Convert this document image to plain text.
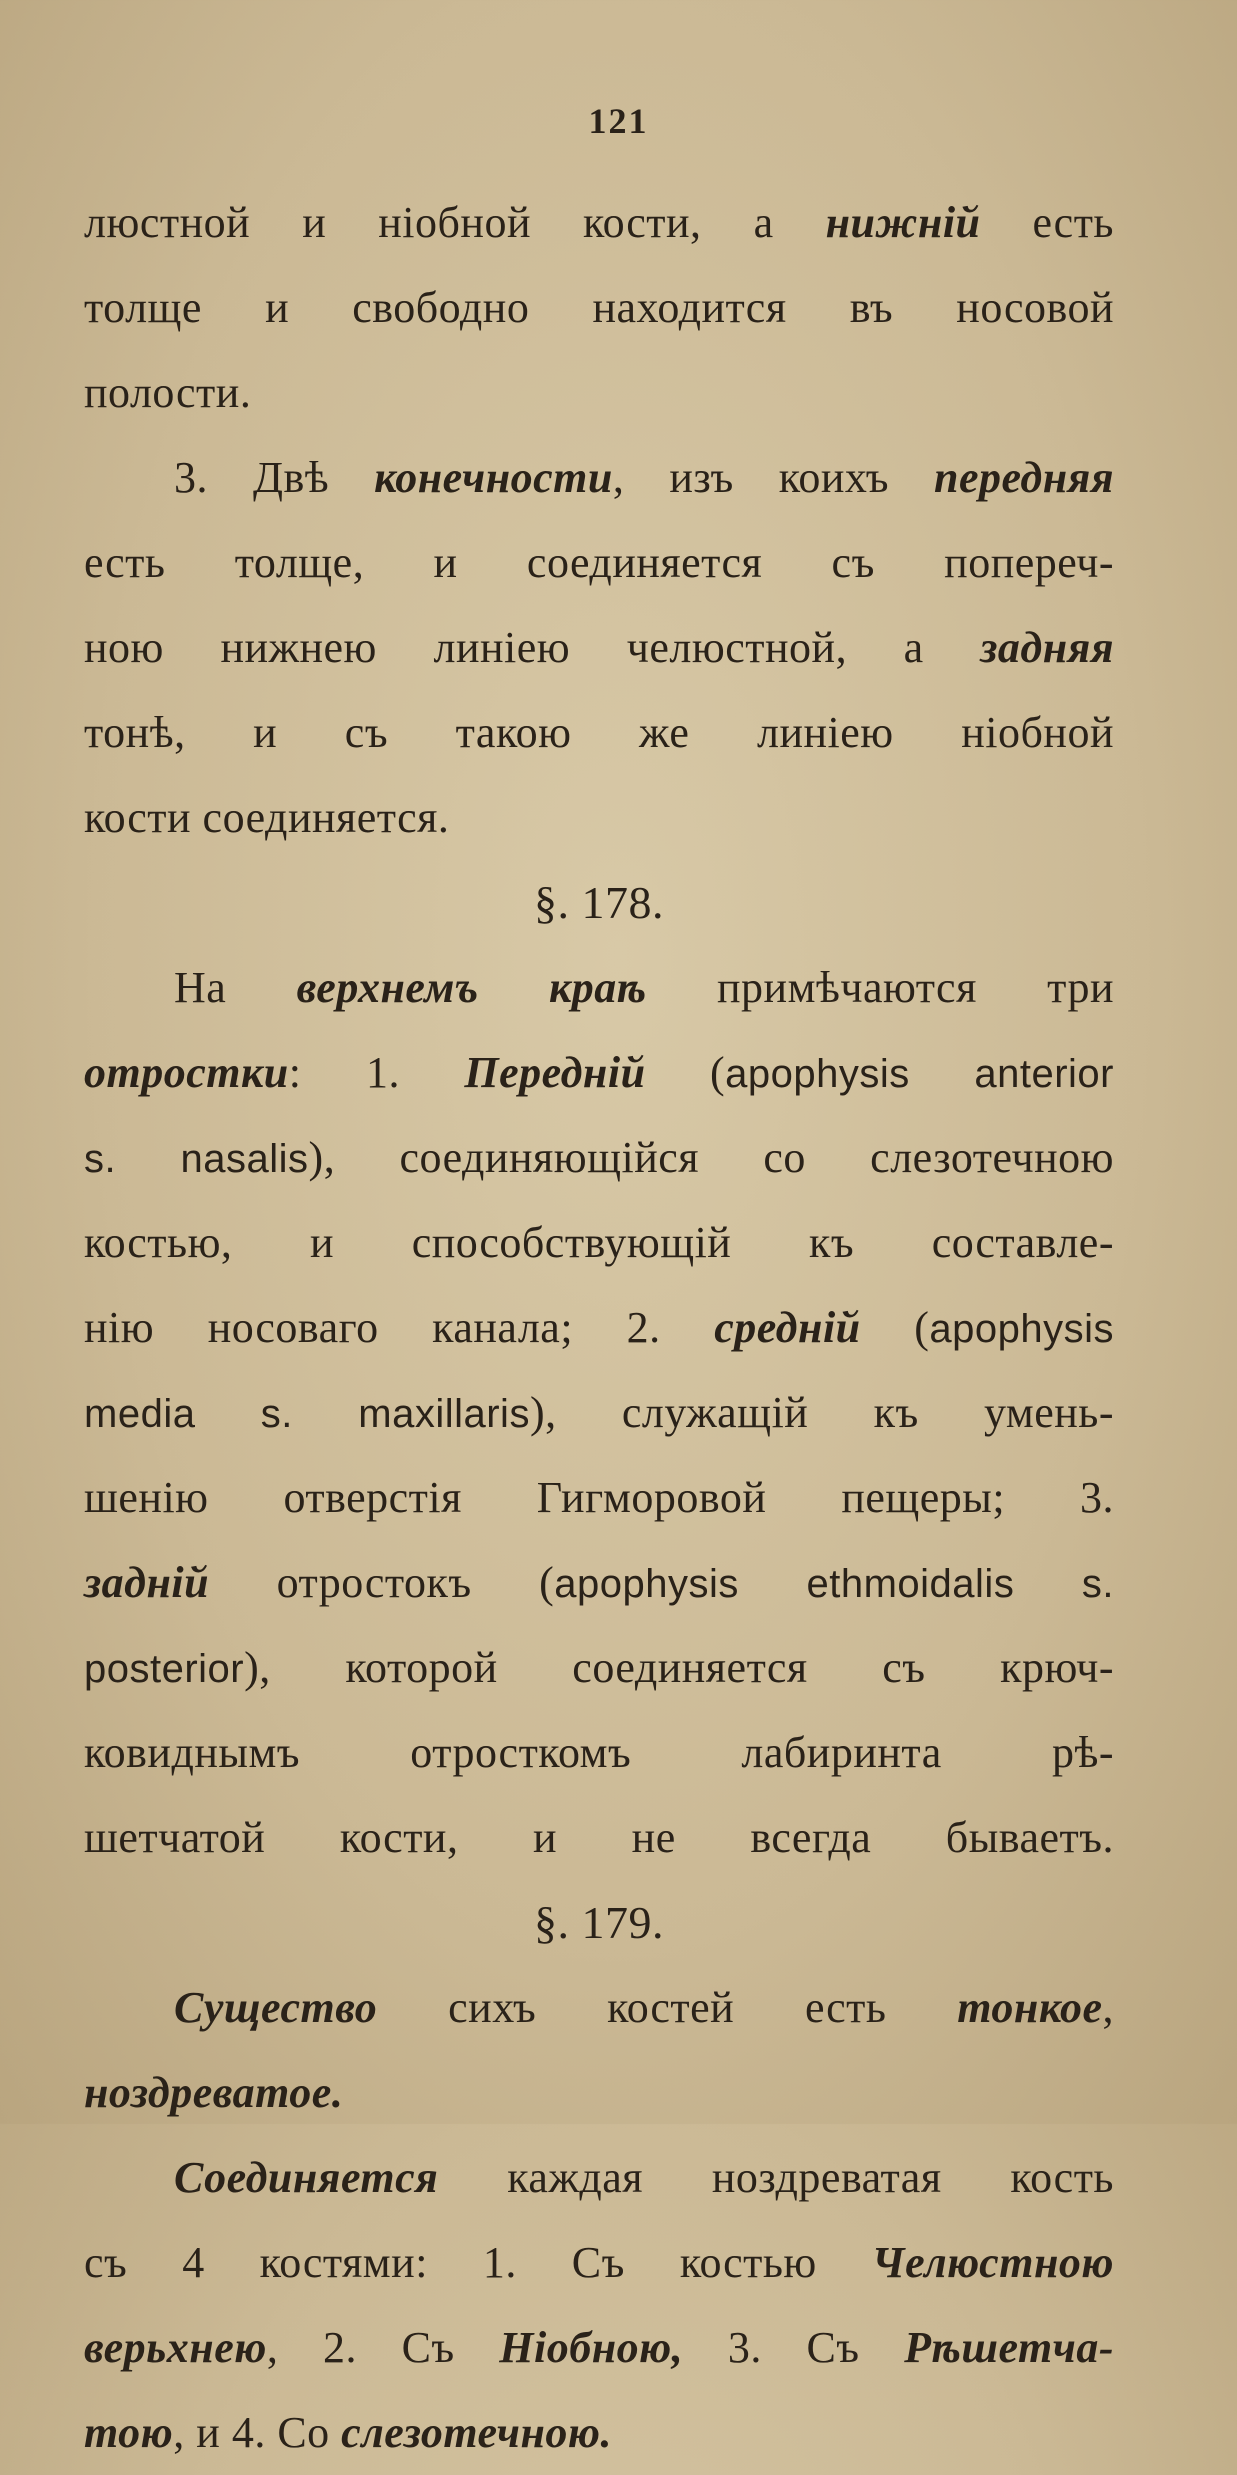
121
люстной и ніобной кости, а нижній есть
толще и свободно находится въ носовой
полости.
3. Двѣ конечности, изъ коихъ передняя
есть толще, и соединяется съ попереч-
ною нижнею линіею челюстной, а задняя
тонѣ, и съ такою же линіею ніобной
кости соединяется.
§. 178.
На верхнемъ краѣ примѣчаются три
отростки: 1. Передній (apophysis anterior
s. nasalis), соединяющійся со слезотечною
костью, и способствующій къ составле-
нію носоваго канала; 2. средній (apophysis
media s. maxillaris), служащій къ умень-
шенію отверстія Гигморовой пещеры; 3.
задній отростокъ (apophysis ethmoidalis s.
posterior), которой соединяется съ крюч-
ковиднымъ отросткомъ лабиринта рѣ-
шетчатой кости, и не всегда бываетъ.
§. 179.
Существо сихъ костей есть тонкое,
ноздреватое.
Соединяется каждая ноздреватая кость
съ 4 костями: 1. Съ костью Челюстною
верьхнею, 2. Съ Ніобною, 3. Съ Рѣшетча-
тою, и 4. Со слезотечною.
